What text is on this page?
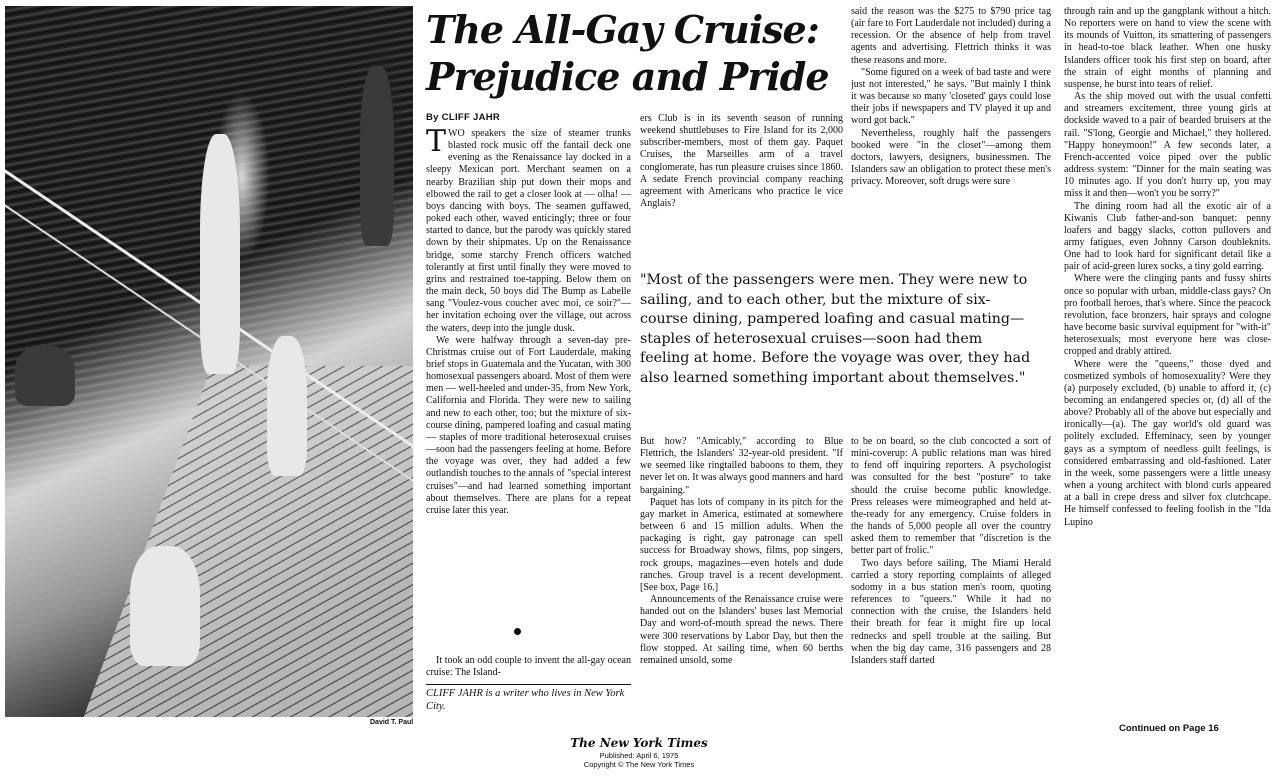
David T. Paul
The All-Gay Cruise:
Prejudice and Pride
By CLIFF JAHR

TWO speakers the size of steamer trunks blasted rock music off the fantail deck one evening as the Renaissance lay docked in a sleepy Mexican port. Merchant seamen on a nearby Brazilian ship put down their mops and elbowed the rail to get a closer look at — olha! — boys dancing with boys. The seamen guffawed, poked each other, waved enticingly; three or four started to dance, but the parody was quickly stared down by their shipmates. Up on the Renaissance bridge, some starchy French officers watched tolerantly at first until finally they were moved to grins and restrained toe-tapping. Below them on the main deck, 50 boys did The Bump as Labelle sang "Voulez-vous coucher avec moi, ce soir?"—her invitation echoing over the village, out across the waters, deep into the jungle dusk.

We were halfway through a seven-day pre-Christmas cruise out of Fort Lauderdale, making brief stops in Guatemala and the Yucatan, with 300 homosexual passengers aboard. Most of them were men — well-heeled and under-35, from New York, California and Florida. They were new to sailing and new to each other, too; but the mixture of six-course dining, pampered loafing and casual mating — staples of more traditional heterosexual cruises—soon had the passengers feeling at home. Before the voyage was over, they had added a few outlandish touches to the annals of "special interest cruises"—and had learned something important about themselves. There are plans for a repeat cruise later this year.

It took an odd couple to invent the all-gay ocean cruise: The Island-

CLIFF JAHR is a writer who lives in New York City.

ers Club is in its seventh season of running weekend shuttlebuses to Fire Island for its 2,000 subscriber-members, most of them gay. Paquet Cruises, the Marseilles arm of a travel conglomerate, has run pleasure cruises since 1860. A sedate French provincial company reaching agreement with Americans who practice le vice Anglais?

said the reason was the $275 to $790 price tag (air fare to Fort Lauderdale not included) during a recession. Or the absence of help from travel agents and advertising. Flettrich thinks it was these reasons and more.

"Some figured on a week of bad taste and were just not interested," he says. "But mainly I think it was because so many 'closeted' gays could lose their jobs if newspapers and TV played it up and word got back."

Nevertheless, roughly half the passengers booked were "in the closet"—among them doctors, lawyers, designers, businessmen. The Islanders saw an obligation to protect these men's privacy. Moreover, soft drugs were sure

"Most of the passengers were men. They were new to sailing, and to each other, but the mixture of six-course dining, pampered loafing and casual mating—staples of heterosexual cruises—soon had them feeling at home. Before the voyage was over, they had also learned something important about themselves."

But how? "Amicably," according to Blue Flettrich, the Islanders' 32-year-old president. "If we seemed like ringtailed baboons to them, they never let on. It was always good manners and hard bargaining."

Paquet has lots of company in its pitch for the gay market in America, estimated at somewhere between 6 and 15 million adults. When the packaging is right, gay patronage can spell success for Broadway shows, films, pop singers, rock groups, magazines—even hotels and dude ranches. Group travel is a recent development. [See box, Page 16.]

Announcements of the Renaissance cruise were handed out on the Islanders' buses last Memorial Day and word-of-mouth spread the news. There were 300 reservations by Labor Day, but then the flow stopped. At sailing time, when 60 berths remained unsold, some

to be on board, so the club concocted a sort of mini-coverup: A public relations man was hired to fend off inquiring reporters. A psychologist was consulted for the best "posture" to take should the cruise become public knowledge. Press releases were mimeographed and held at-the-ready for any emergency. Cruise folders in the hands of 5,000 people all over the country asked them to remember that "discretion is the better part of frolic."

Two days before sailing, The Miami Herald carried a story reporting complaints of alleged sodomy in a bus station men's room, quoting references to "queers." While it had no connection with the cruise, the Islanders held their breath for fear it might fire up local rednecks and spell trouble at the sailing. But when the big day came, 316 passengers and 28 Islanders staff darted

through rain and up the gangplank without a hitch. No reporters were on hand to view the scene with its mounds of Vuitton, its smattering of passengers in head-to-toe black leather. When one husky Islanders officer took his first step on board, after the strain of eight months of planning and suspense, he burst into tears of relief.

As the ship moved out with the usual confetti and streamers excitement, three young girls at dockside waved to a pair of bearded bruisers at the rail. "S'long, Georgie and Michael," they hollered. "Happy honeymoon!" A few seconds later, a French-accented voice piped over the public address system: "Dinner for the main seating was 10 minutes ago. If you don't hurry up, you may miss it and then—won't you be sorry?"

The dining room had all the exotic air of a Kiwanis Club father-and-son banquet: penny loafers and baggy slacks, cotton pullovers and army fatigues, even Johnny Carson doubleknits. One had to look hard for significant detail like a pair of acid-green lurex socks, a tiny gold earring.

Where were the clinging pants and fussy shirts once so popular with urban, middle-class gays? On pro football heroes, that's where. Since the peacock revolution, face bronzers, hair sprays and cologne have become basic survival equipment for "with-it" heterosexuals; most everyone here was close-cropped and drably attired.

Where were the "queens," those dyed and cosmetized symbols of homosexuality? Were they (a) purposely excluded, (b) unable to afford it, (c) becoming an endangered species or, (d) all of the above? Probably all of the above but especially and ironically—(a). The gay world's old guard was politely excluded. Effeminacy, seen by younger gays as a symptom of needless guilt feelings, is considered embarrassing and old-fashioned. Later in the week, some passengers were a little uneasy when a young architect with blond curls appeared at a ball in crepe dress and silver fox clutchcape. He himself confessed to feeling foolish in the "Ida Lupino

Continued on Page 16
The New York Times
Published: April 6, 1975
Copyright © The New York Times
